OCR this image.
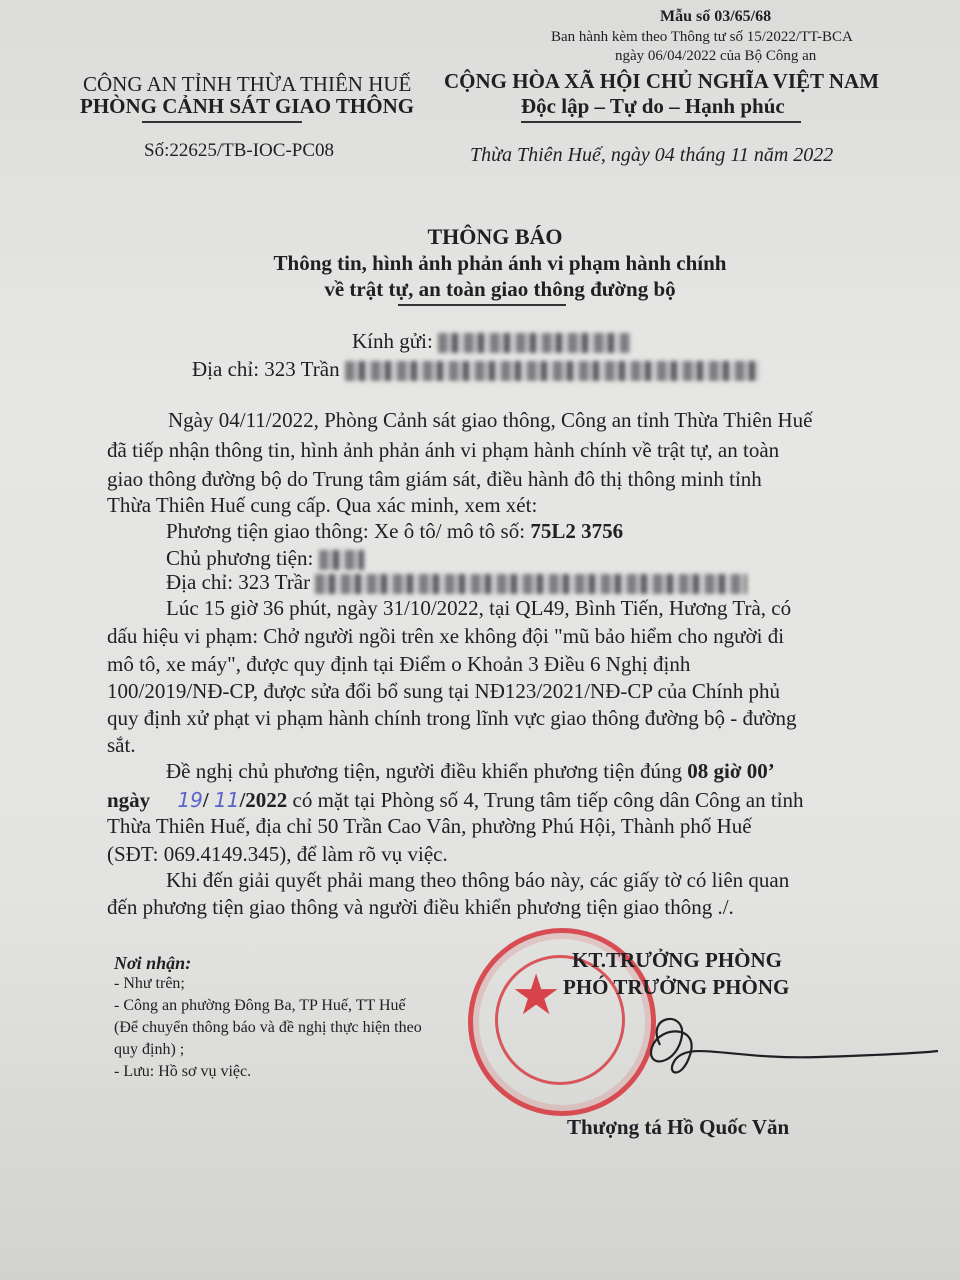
Mẫu số 03/65/68
Ban hành kèm theo Thông tư số 15/2022/TT-BCA
ngày 06/04/2022 của Bộ Công an
CÔNG AN TỈNH THỪA THIÊN HUẾ
PHÒNG CẢNH SÁT GIAO THÔNG
Số:22625/TB-IOC-PC08
CỘNG HÒA XÃ HỘI CHỦ NGHĨA VIỆT NAM
Độc lập – Tự do – Hạnh phúc
Thừa Thiên Huế, ngày 04 tháng 11 năm 2022
THÔNG BÁO
Thông tin, hình ảnh phản ánh vi phạm hành chính
về trật tự, an toàn giao thông đường bộ
Kính gửi:
Địa chỉ: 323 Trần
Ngày 04/11/2022, Phòng Cảnh sát giao thông, Công an tỉnh Thừa Thiên Huế
đã tiếp nhận thông tin, hình ảnh phản ánh vi phạm hành chính về trật tự, an toàn
giao thông đường bộ do Trung tâm giám sát, điều hành đô thị thông minh tỉnh
Thừa Thiên Huế cung cấp. Qua xác minh, xem xét:
Phương tiện giao thông: Xe ô tô/ mô tô số: 75L2 3756
Chủ phương tiện:
Địa chỉ: 323 Trầr
Lúc 15 giờ 36 phút, ngày 31/10/2022, tại QL49, Bình Tiến, Hương Trà, có
dấu hiệu vi phạm: Chở người ngồi trên xe không đội "mũ bảo hiểm cho người đi
mô tô, xe máy", được quy định tại Điểm o Khoản 3 Điều 6 Nghị định
100/2019/NĐ-CP, được sửa đổi bổ sung tại NĐ123/2021/NĐ-CP của Chính phủ
quy định xử phạt vi phạm hành chính trong lĩnh vực giao thông đường bộ - đường
sắt.
Đề nghị chủ phương tiện, người điều khiển phương tiện đúng 08 giờ 00’
ngày 19/ 11/2022 có mặt tại Phòng số 4, Trung tâm tiếp công dân Công an tỉnh
Thừa Thiên Huế, địa chỉ 50 Trần Cao Vân, phường Phú Hội, Thành phố Huế
(SĐT: 069.4149.345), để làm rõ vụ việc.
Khi đến giải quyết phải mang theo thông báo này, các giấy tờ có liên quan
đến phương tiện giao thông và người điều khiển phương tiện giao thông ./.
Nơi nhận:
- Như trên;
- Công an phường Đông Ba, TP Huế, TT Huế
(Để chuyển thông báo và đề nghị thực hiện theo
quy định) ;
- Lưu: Hồ sơ vụ việc.
★
KT.TRƯỞNG PHÒNG
PHÓ TRƯỞNG PHÒNG
Thượng tá Hồ Quốc Văn
